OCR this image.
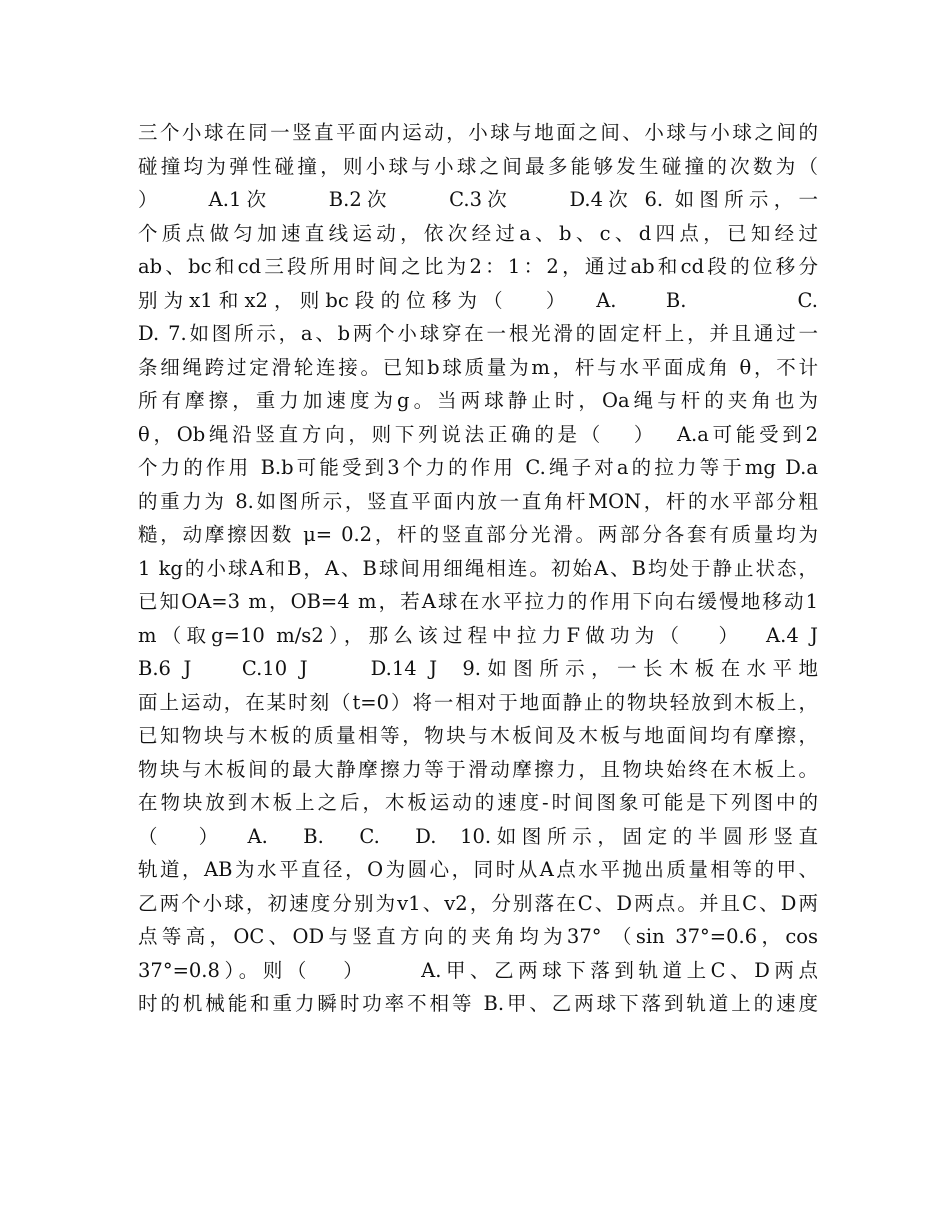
三个小球在同一竖直平面内运动，小球与地面之间、小球与小球之间的
碰撞均为弹性碰撞，则小球与小球之间最多能够发生碰撞的次数为（
）    A.1次     B.2次     C.3次     D.4次 6. 如图所示，一
个质点做匀加速直线运动，依次经过a、b、c、d四点，已知经过
ab、bc和cd三段所用时间之比为2：1：2，通过ab和cd段的位移分
别为x1和x2，则bc段的位移为（   ）  A.    B.         C.
D. 7.如图所示，a、b两个小球穿在一根光滑的固定杆上，并且通过一
条细绳跨过定滑轮连接。已知b球质量为m，杆与水平面成角 θ，不计
所有摩擦，重力加速度为g。当两球静止时，Oa绳与杆的夹角也为
θ，Ob绳沿竖直方向，则下列说法正确的是（   ）  A.a可能受到2
个力的作用 B.b可能受到3个力的作用 C.绳子对a的拉力等于mg D.a
的重力为 8.如图所示，竖直平面内放一直角杆MON，杆的水平部分粗
糙，动摩擦因数 μ= 0.2，杆的竖直部分光滑。两部分各套有质量均为
1 kg的小球A和B，A、B球间用细绳相连。初始A、B均处于静止状态，
已知OA=3 m，OB=4 m，若A球在水平拉力的作用下向右缓慢地移动1
m（取g=10 m/s2），那么该过程中拉力F做功为（   ）  A.4 J
B.6 J    C.10 J     D.14 J  9.如图所示，一长木板在水平地
面上运动，在某时刻（t=0）将一相对于地面静止的物块轻放到木板上，
已知物块与木板的质量相等，物块与木板间及木板与地面间均有摩擦，
物块与木板间的最大静摩擦力等于滑动摩擦力，且物块始终在木板上。
在物块放到木板上之后，木板运动的速度-时间图象可能是下列图中的
（   ）  A.   B.   C.   D.  10.如图所示，固定的半圆形竖直
轨道，AB为水平直径，O为圆心，同时从A点水平抛出质量相等的甲、
乙两个小球，初速度分别为v1、v2，分别落在C、D两点。并且C、D两
点等高，OC、OD与竖直方向的夹角均为37° （sin 37°=0.6，cos
37°=0.8）。则（   ）     A.甲、乙两球下落到轨道上C、D两点
时的机械能和重力瞬时功率不相等 B.甲、乙两球下落到轨道上的速度
